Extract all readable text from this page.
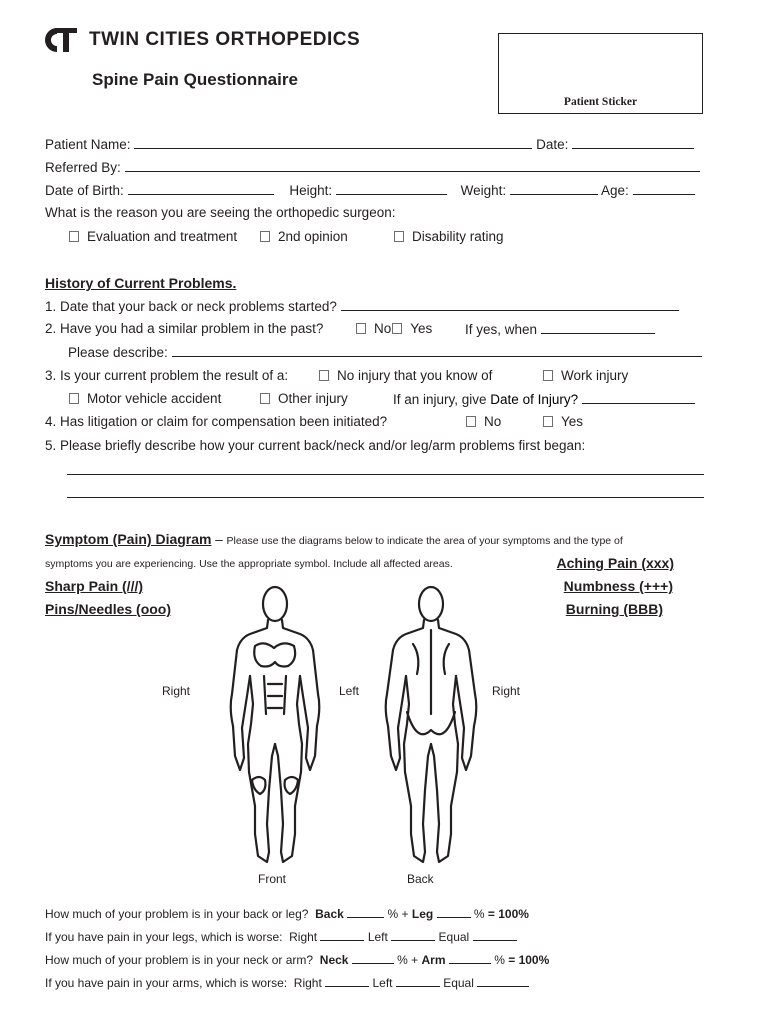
TWIN CITIES ORTHOPEDICS
Spine Pain Questionnaire
Patient Sticker
Patient Name:	Date:
Referred By:
Date of Birth:	Height:	Weight:	Age:
What is the reason you are seeing the orthopedic surgeon:
Evaluation and treatment	2nd opinion	Disability rating
History of Current Problems.
1. Date that your back or neck problems started?
2. Have you had a similar problem in the past?	No Yes If yes, when
Please describe:
3. Is your current problem the result of a:	No injury that you know of	Work injury
Motor vehicle accident	Other injury	If an injury, give Date of Injury?
4. Has litigation or claim for compensation been initiated?	No	Yes
5. Please briefly describe how your current back/neck and/or leg/arm problems first began:
Symptom (Pain) Diagram – Please use the diagrams below to indicate the area of your symptoms and the type of
symptoms you are experiencing. Use the appropriate symbol. Include all affected areas.	Aching Pain (xxx)
Sharp Pain (///)	Numbness (+++)
Pins/Needles (ooo)	Burning (BBB)
Right	Left	Right
Front	Back
How much of your problem is in your back or leg? Back	% + Leg	% = 100%
If you have pain in your legs, which is worse: Right	Left	Equal
How much of your problem is in your neck or arm? Neck	% + Arm	% = 100%
If you have pain in your arms, which is worse: Right	Left	Equal
